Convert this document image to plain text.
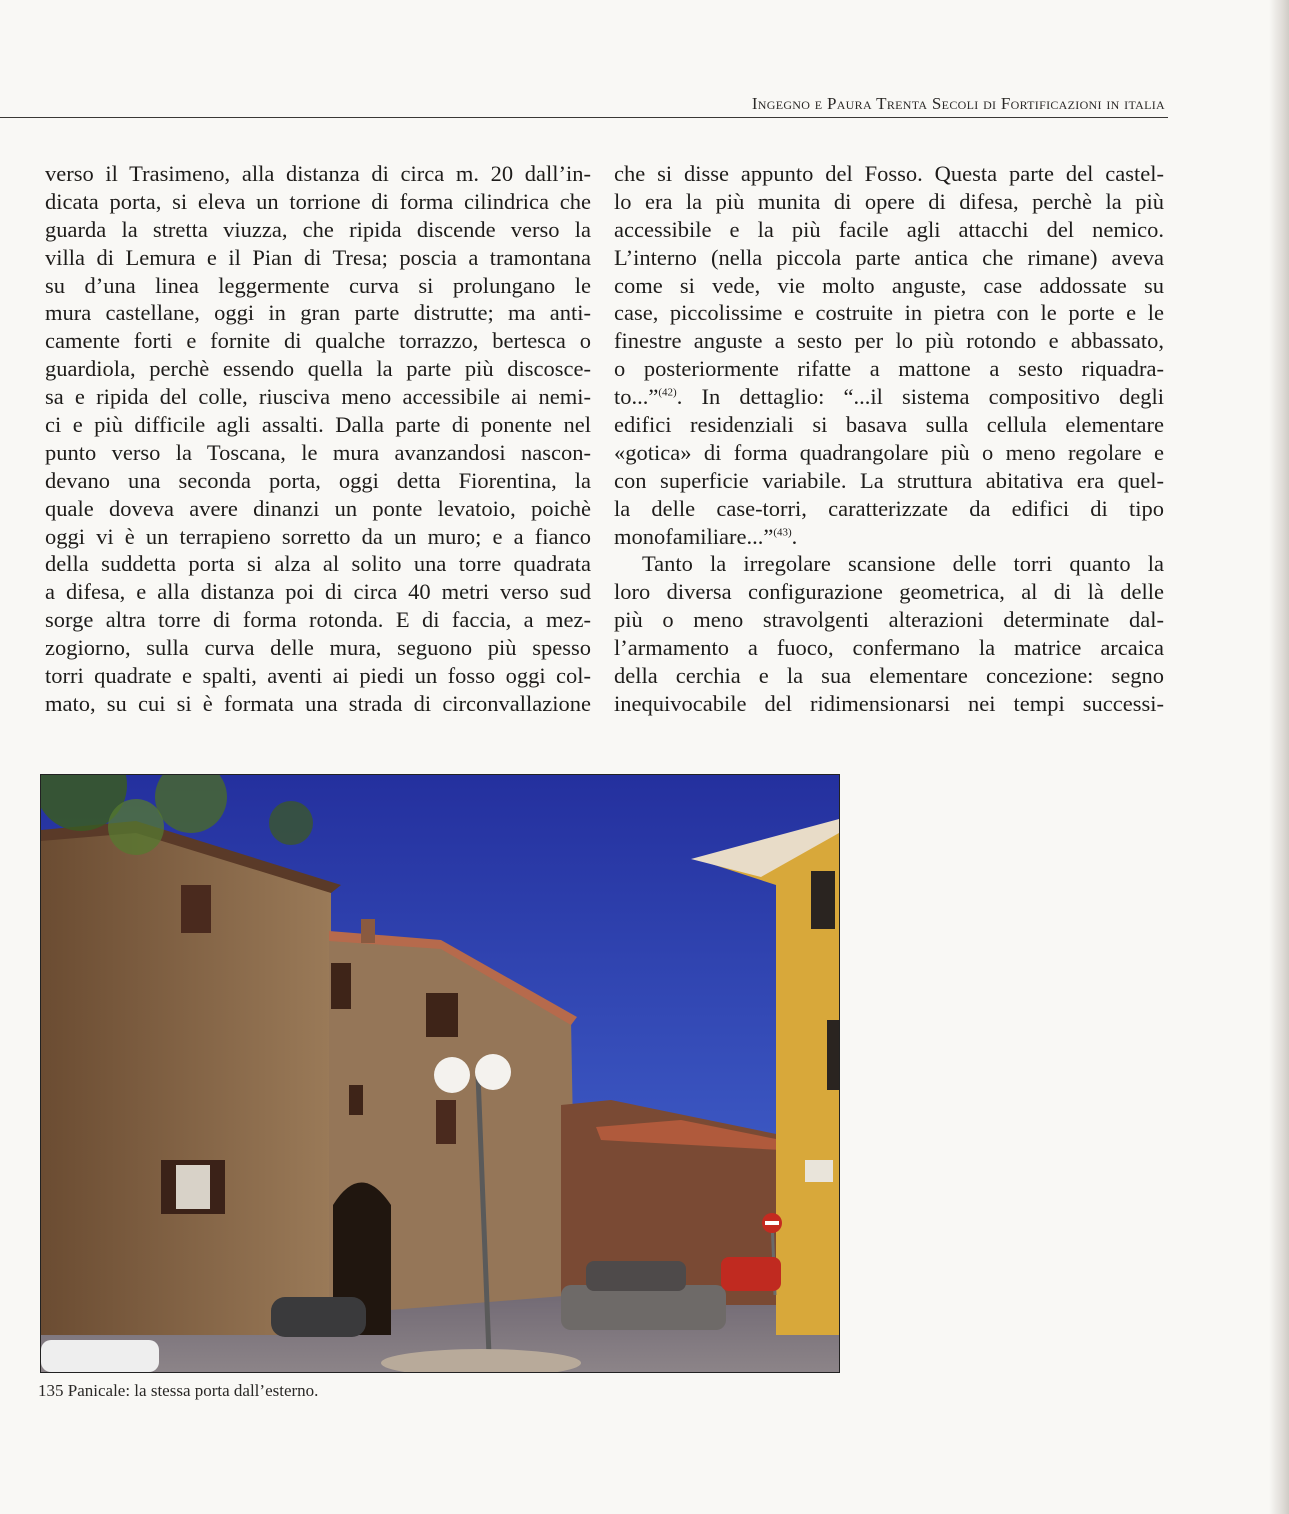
Ingegno e Paura Trenta Secoli di Fortificazioni in italia
verso il Trasimeno, alla distanza di circa m. 20 dall’in-
dicata porta, si eleva un torrione di forma cilindrica che
guarda la stretta viuzza, che ripida discende verso la
villa di Lemura e il Pian di Tresa; poscia a tramontana
su d’una linea leggermente curva si prolungano le
mura castellane, oggi in gran parte distrutte; ma anti-
camente forti e fornite di qualche torrazzo, bertesca o
guardiola, perchè essendo quella la parte più discosce-
sa e ripida del colle, riusciva meno accessibile ai nemi-
ci e più difficile agli assalti. Dalla parte di ponente nel
punto verso la Toscana, le mura avanzandosi nascon-
devano una seconda porta, oggi detta Fiorentina, la
quale doveva avere dinanzi un ponte levatoio, poichè
oggi vi è un terrapieno sorretto da un muro; e a fianco
della suddetta porta si alza al solito una torre quadrata
a difesa, e alla distanza poi di circa 40 metri verso sud
sorge altra torre di forma rotonda. E di faccia, a mez-
zogiorno, sulla curva delle mura, seguono più spesso
torri quadrate e spalti, aventi ai piedi un fosso oggi col-
mato, su cui si è formata una strada di circonvallazione
che si disse appunto del Fosso. Questa parte del castel-
lo era la più munita di opere di difesa, perchè la più
accessibile e la più facile agli attacchi del nemico.
L’interno (nella piccola parte antica che rimane) aveva
come si vede, vie molto anguste, case addossate su
case, piccolissime e costruite in pietra con le porte e le
finestre anguste a sesto per lo più rotondo e abbassato,
o posteriormente rifatte a mattone a sesto riquadra-
to...”$^{(42)}$. In dettaglio: “...il sistema compositivo degli
edifici residenziali si basava sulla cellula elementare
«gotica» di forma quadrangolare più o meno regolare e
con superficie variabile. La struttura abitativa era quel-
la delle case-torri, caratterizzate da edifici di tipo
monofamiliare...”$^{(43)}$.
Tanto la irregolare scansione delle torri quanto la
loro diversa configurazione geometrica, al di là delle
più o meno stravolgenti alterazioni determinate dal-
l’armamento a fuoco, confermano la matrice arcaica
della cerchia e la sua elementare concezione: segno
inequivocabile del ridimensionarsi nei tempi successi-
135 Panicale: la stessa porta dall’esterno.
